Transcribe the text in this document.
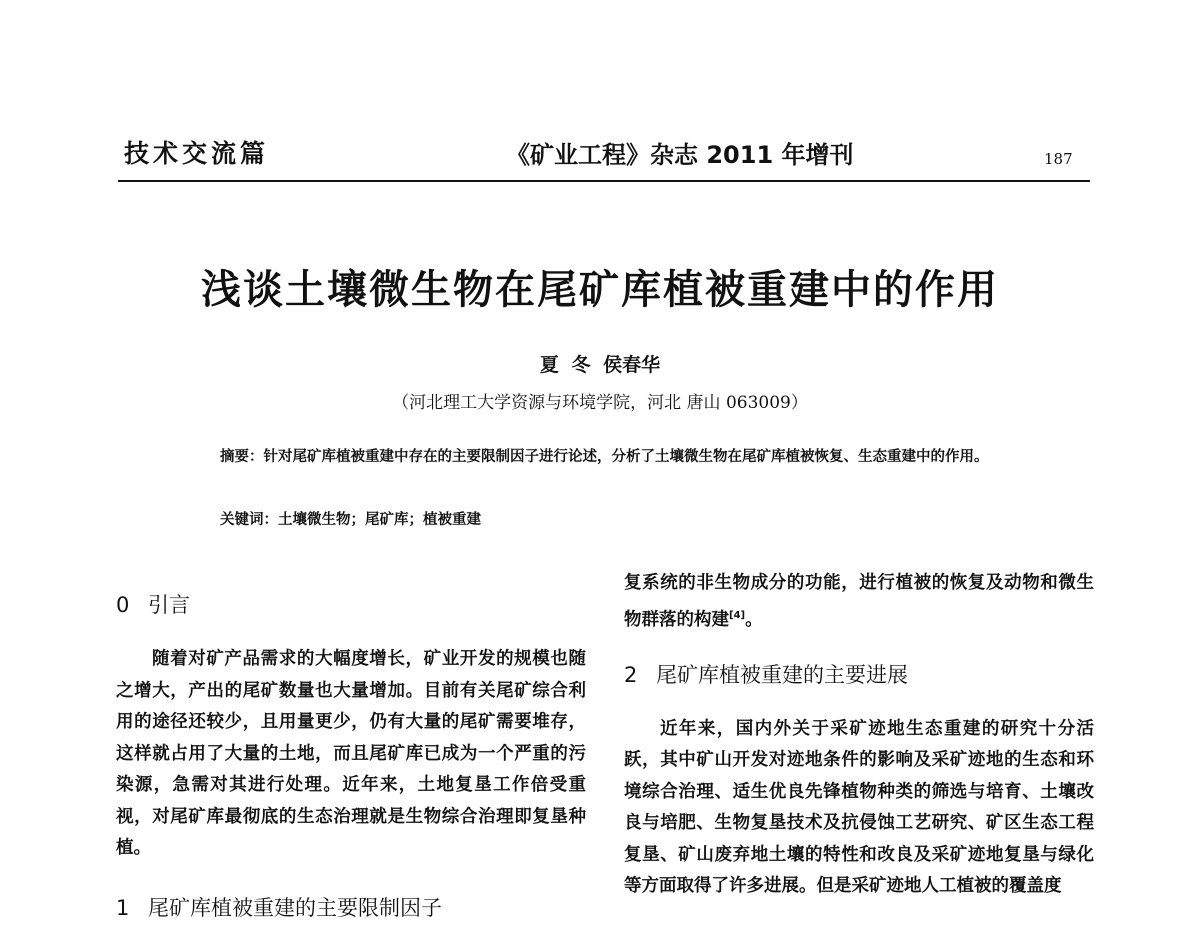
技术交流篇	《矿业工程》杂志 2011 年增刊	187
浅谈土壤微生物在尾矿库植被重建中的作用
夏 冬 侯春华
（河北理工大学资源与环境学院，河北 唐山 063009）
摘要：针对尾矿库植被重建中存在的主要限制因子进行论述，分析了土壤微生物在尾矿库植被恢复、生态重建中的作用。
关键词：土壤微生物；尾矿库；植被重建
0 引言

随着对矿产品需求的大幅度增长，矿业开发的规模也随之增大，产出的尾矿数量也大量增加。目前有关尾矿综合利用的途径还较少，且用量更少，仍有大量的尾矿需要堆存，这样就占用了大量的土地，而且尾矿库已成为一个严重的污染源，急需对其进行处理。近年来，土地复垦工作倍受重视，对尾矿库最彻底的生态治理就是生物综合治理即复垦种植。

1 尾矿库植被重建的主要限制因子

复系统的非生物成分的功能，进行植被的恢复及动物和微生物群落的构建[4]。

2 尾矿库植被重建的主要进展

近年来，国内外关于采矿迹地生态重建的研究十分活跃，其中矿山开发对迹地条件的影响及采矿迹地的生态和环境综合治理、适生优良先锋植物种类的筛选与培育、土壤改良与培肥、生物复垦技术及抗侵蚀工艺研究、矿区生态工程复垦、矿山废弃地土壤的特性和改良及采矿迹地复垦与绿化等方面取得了许多进展。但是采矿迹地人工植被的覆盖度
